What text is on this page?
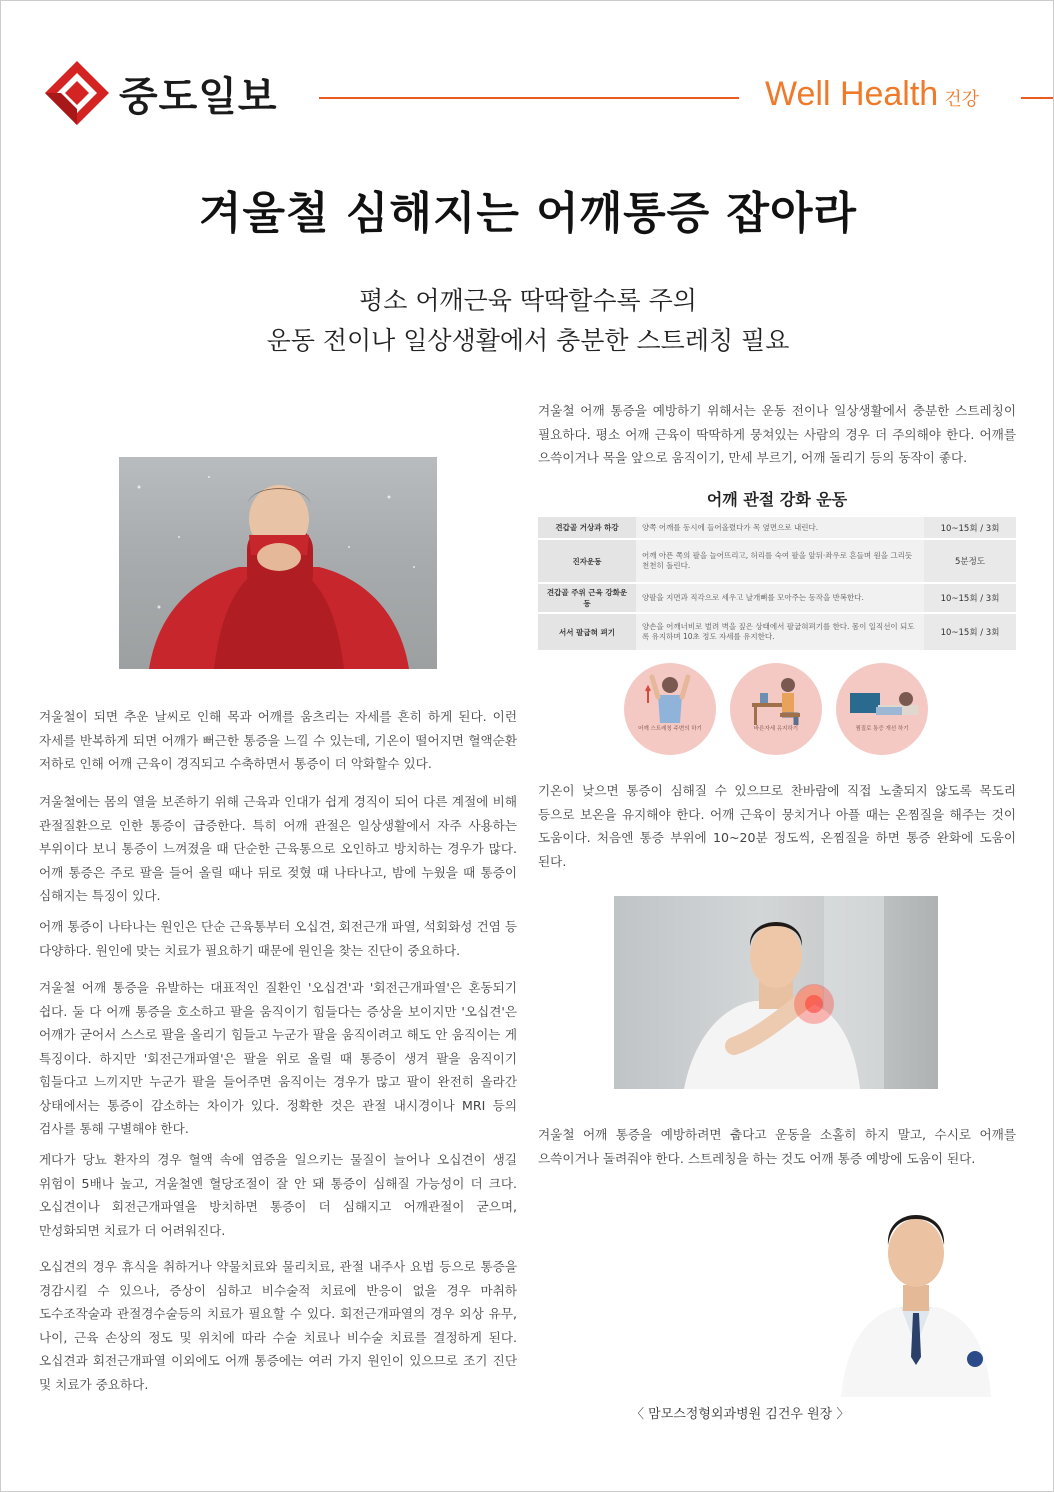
중도일보	Well Health 건강
겨울철 심해지는 어깨통증 잡아라
평소 어깨근육 딱딱할수록 주의
운동 전이나 일상생활에서 충분한 스트레칭 필요

겨울철이 되면 추운 날씨로 인해 목과 어깨를 움츠리는 자세를 흔히 하게 된다. 이런 자세를 반복하게 되면 어깨가 뻐근한 통증을 느낄 수 있는데, 기온이 떨어지면 혈액순환 저하로 인해 어깨 근육이 경직되고 수축하면서 통증이 더 악화할수 있다.

겨울철에는 몸의 열을 보존하기 위해 근육과 인대가 쉽게 경직이 되어 다른 계절에 비해 관절질환으로 인한 통증이 급증한다. 특히 어깨 관절은 일상생활에서 자주 사용하는 부위이다 보니 통증이 느껴졌을 때 단순한 근육통으로 오인하고 방치하는 경우가 많다. 어깨 통증은 주로 팔을 들어 올릴 때나 뒤로 젖혔 때 나타나고, 밤에 누웠을 때 통증이 심해지는 특징이 있다.

어깨 통증이 나타나는 원인은 단순 근육통부터 오십견, 회전근개 파열, 석회화성 건염 등 다양하다. 원인에 맞는 치료가 필요하기 때문에 원인을 찾는 진단이 중요하다.

겨울철 어깨 통증을 유발하는 대표적인 질환인 '오십견'과 '회전근개파열'은 혼동되기 쉽다. 둘 다 어깨 통증을 호소하고 팔을 움직이기 힘들다는 증상을 보이지만 '오십견'은 어깨가 굳어서 스스로 팔을 올리기 힘들고 누군가 팔을 움직이려고 해도 안 움직이는 게 특징이다. 하지만 '회전근개파열'은 팔을 위로 올릴 때 통증이 생겨 팔을 움직이기 힘들다고 느끼지만 누군가 팔을 들어주면 움직이는 경우가 많고 팔이 완전히 올라간 상태에서는 통증이 감소하는 차이가 있다. 정확한 것은 관절 내시경이나 MRI 등의 검사를 통해 구별해야 한다.

게다가 당뇨 환자의 경우 혈액 속에 염증을 일으키는 물질이 늘어나 오십견이 생길 위험이 5배나 높고, 겨울철엔 혈당조절이 잘 안 돼 통증이 심해질 가능성이 더 크다. 오십견이나 회전근개파열을 방치하면 통증이 더 심해지고 어깨관절이 굳으며, 만성화되면 치료가 더 어려워진다.

오십견의 경우 휴식을 취하거나 약물치료와 물리치료, 관절 내주사 요법 등으로 통증을 경감시킬 수 있으나, 증상이 심하고 비수술적 치료에 반응이 없을 경우 마취하 도수조작술과 관절경수술등의 치료가 필요할 수 있다. 회전근개파열의 경우 외상 유무, 나이, 근육 손상의 정도 및 위치에 따라 수술 치료나 비수술 치료를 결정하게 된다. 오십견과 회전근개파열 이외에도 어깨 통증에는 여러 가지 원인이 있으므로 조기 진단 및 치료가 중요하다.

겨울철 어깨 통증을 예방하기 위해서는 운동 전이나 일상생활에서 충분한 스트레칭이 필요하다. 평소 어깨 근육이 딱딱하게 뭉쳐있는 사람의 경우 더 주의해야 한다. 어깨를 으쓱이거나 목을 앞으로 움직이기, 만세 부르기, 어깨 돌리기 등의 동작이 좋다.

어깨 관절 강화 운동
견갑골 거상과 하강	양쪽 어깨를 동시에 들어올렸다가 목 옆면으로 내린다.	10~15회 / 3회
진자운동	어깨 아픈 쪽의 팔을 늘어뜨리고, 허리를 숙여 팔을 앞뒤·좌우로 흔들며 원을 그리듯 천천히 돌린다.	5분정도
견갑골 주위 근육 강화운동	양팔을 지면과 직각으로 세우고 날개뼈를 모아주는 동작을 반복한다.	10~15회 / 3회
서서 팔굽혀 펴기	양손을 어깨너비로 벌려 벽을 짚은 상태에서 팔굽혀펴기를 한다. 몸이 일직선이 되도록 유지하며 10초 정도 자세를 유지한다.	10~15회 / 3회
어깨 스트레칭 주변의 하기	바른자세 유지하기	찜질로 통증 개선 하기

기온이 낮으면 통증이 심해질 수 있으므로 찬바람에 직접 노출되지 않도록 목도리 등으로 보온을 유지해야 한다. 어깨 근육이 뭉치거나 아플 때는 온찜질을 해주는 것이 도움이다. 처음엔 통증 부위에 10~20분 정도씩, 온찜질을 하면 통증 완화에 도움이 된다.

겨울철 어깨 통증을 예방하려면 춥다고 운동을 소홀히 하지 말고, 수시로 어깨를 으쓱이거나 돌려줘야 한다. 스트레칭을 하는 것도 어깨 통증 예방에 도움이 된다.

〈 맘모스정형외과병원 김건우 원장 〉
